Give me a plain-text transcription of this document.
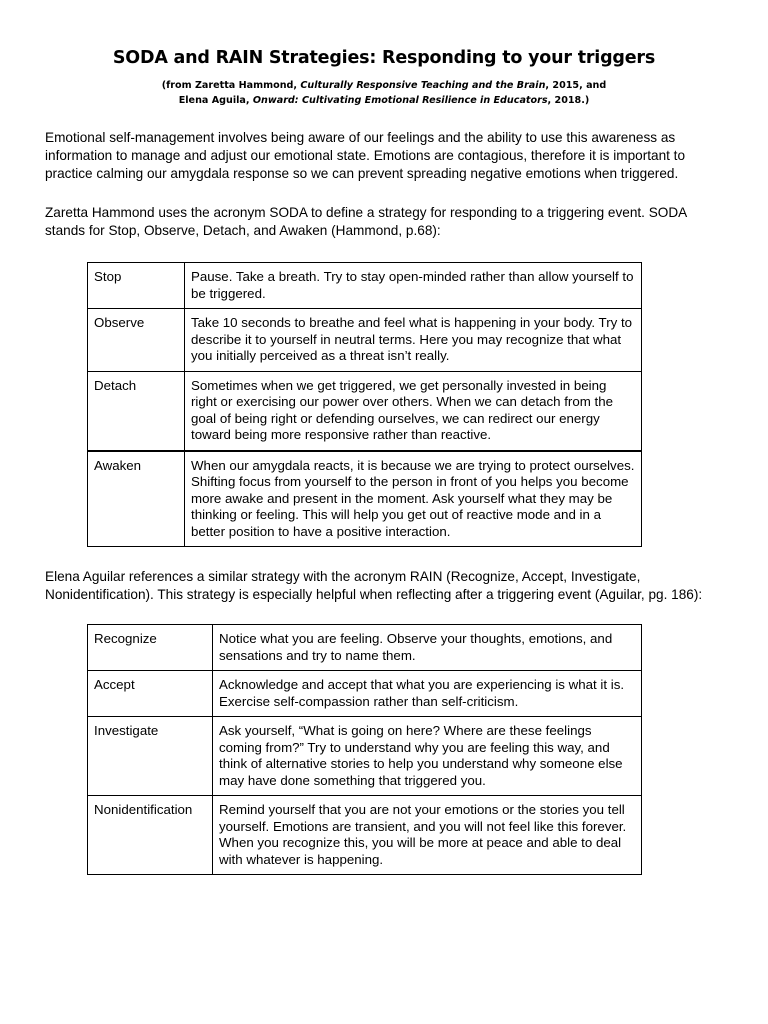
SODA and RAIN Strategies: Responding to your triggers
(from Zaretta Hammond, Culturally Responsive Teaching and the Brain, 2015, and
Elena Aguila, Onward: Cultivating Emotional Resilience in Educators, 2018.)

Emotional self-management involves being aware of our feelings and the ability to use this awareness as information to manage and adjust our emotional state. Emotions are contagious, therefore it is important to practice calming our amygdala response so we can prevent spreading negative emotions when triggered.

Zaretta Hammond uses the acronym SODA to define a strategy for responding to a triggering event. SODA stands for Stop, Observe, Detach, and Awaken (Hammond, p.68):

Stop	Pause. Take a breath. Try to stay open-minded rather than allow yourself to be triggered.
Observe	Take 10 seconds to breathe and feel what is happening in your body. Try to describe it to yourself in neutral terms. Here you may recognize that what you initially perceived as a threat isn’t really.
Detach	Sometimes when we get triggered, we get personally invested in being right or exercising our power over others. When we can detach from the goal of being right or defending ourselves, we can redirect our energy toward being more responsive rather than reactive.
Awaken	When our amygdala reacts, it is because we are trying to protect ourselves. Shifting focus from yourself to the person in front of you helps you become more awake and present in the moment. Ask yourself what they may be thinking or feeling. This will help you get out of reactive mode and in a better position to have a positive interaction.

Elena Aguilar references a similar strategy with the acronym RAIN (Recognize, Accept, Investigate, Nonidentification). This strategy is especially helpful when reflecting after a triggering event (Aguilar, pg. 186):

Recognize	Notice what you are feeling. Observe your thoughts, emotions, and sensations and try to name them.
Accept	Acknowledge and accept that what you are experiencing is what it is. Exercise self-compassion rather than self-criticism.
Investigate	Ask yourself, “What is going on here? Where are these feelings coming from?” Try to understand why you are feeling this way, and think of alternative stories to help you understand why someone else may have done something that triggered you.
Nonidentification	Remind yourself that you are not your emotions or the stories you tell yourself. Emotions are transient, and you will not feel like this forever. When you recognize this, you will be more at peace and able to deal with whatever is happening.
